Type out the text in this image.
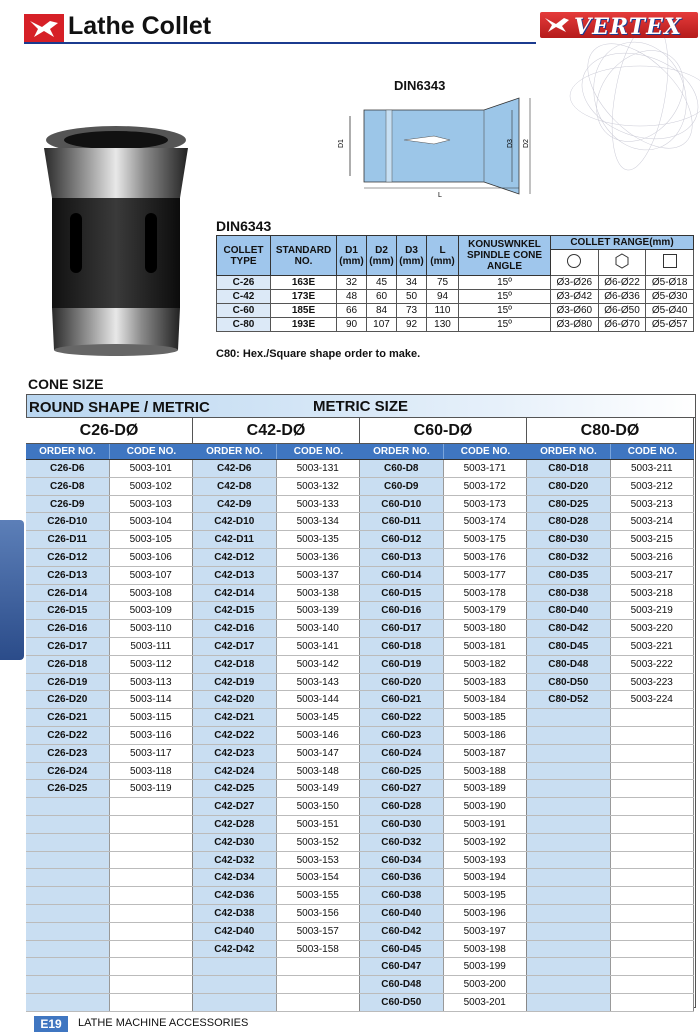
Lathe Collet	VERTEX
DIN6343
D1	D3 D2
L
DIN6343
COLLET TYPE	STANDARD NO.	D1 (mm)	D2 (mm)	D3 (mm)	L (mm)	KONUSWNKEL SPINDLE CONE ANGLE	COLLET RANGE(mm)		

C-26	163E	32	45	34	75	15º	Ø3-Ø26	Ø6-Ø22	Ø5-Ø18
C-42	173E	48	60	50	94	15º	Ø3-Ø42	Ø6-Ø36	Ø5-Ø30
C-60	185E	66	84	73	110	15º	Ø3-Ø60	Ø6-Ø50	Ø5-Ø40
C-80	193E	90	107	92	130	15º	Ø3-Ø80	Ø6-Ø70	Ø5-Ø57
C80: Hex./Square shape order to make.
CONE SIZE
ROUND SHAPE / METRIC	METRIC SIZE
C26-DØ
ORDER NO.	CODE NO.
C26-D6	5003-101
C26-D8	5003-102
C26-D9	5003-103
C26-D10	5003-104
C26-D11	5003-105
C26-D12	5003-106
C26-D13	5003-107
C26-D14	5003-108
C26-D15	5003-109
C26-D16	5003-110
C26-D17	5003-111
C26-D18	5003-112
C26-D19	5003-113
C26-D20	5003-114
C26-D21	5003-115
C26-D22	5003-116
C26-D23	5003-117
C26-D24	5003-118
C26-D25	5003-119
C42-DØ
ORDER NO.	CODE NO.
C42-D6	5003-131
C42-D8	5003-132
C42-D9	5003-133
C42-D10	5003-134
C42-D11	5003-135
C42-D12	5003-136
C42-D13	5003-137
C42-D14	5003-138
C42-D15	5003-139
C42-D16	5003-140
C42-D17	5003-141
C42-D18	5003-142
C42-D19	5003-143
C42-D20	5003-144
C42-D21	5003-145
C42-D22	5003-146
C42-D23	5003-147
C42-D24	5003-148
C42-D25	5003-149
C42-D27	5003-150
C42-D28	5003-151
C42-D30	5003-152
C42-D32	5003-153
C42-D34	5003-154
C42-D36	5003-155
C42-D38	5003-156
C42-D40	5003-157
C42-D42	5003-158
C60-DØ
ORDER NO.	CODE NO.
C60-D8	5003-171
C60-D9	5003-172
C60-D10	5003-173
C60-D11	5003-174
C60-D12	5003-175
C60-D13	5003-176
C60-D14	5003-177
C60-D15	5003-178
C60-D16	5003-179
C60-D17	5003-180
C60-D18	5003-181
C60-D19	5003-182
C60-D20	5003-183
C60-D21	5003-184
C60-D22	5003-185
C60-D23	5003-186
C60-D24	5003-187
C60-D25	5003-188
C60-D27	5003-189
C60-D28	5003-190
C60-D30	5003-191
C60-D32	5003-192
C60-D34	5003-193
C60-D36	5003-194
C60-D38	5003-195
C60-D40	5003-196
C60-D42	5003-197
C60-D45	5003-198
C60-D47	5003-199
C60-D48	5003-200
C60-D50	5003-201
C80-DØ
ORDER NO.	CODE NO.
C80-D18	5003-211
C80-D20	5003-212
C80-D25	5003-213
C80-D28	5003-214
C80-D30	5003-215
C80-D32	5003-216
C80-D35	5003-217
C80-D38	5003-218
C80-D40	5003-219
C80-D42	5003-220
C80-D45	5003-221
C80-D48	5003-222
C80-D50	5003-223
C80-D52	5003-224
E19	LATHE MACHINE ACCESSORIES
